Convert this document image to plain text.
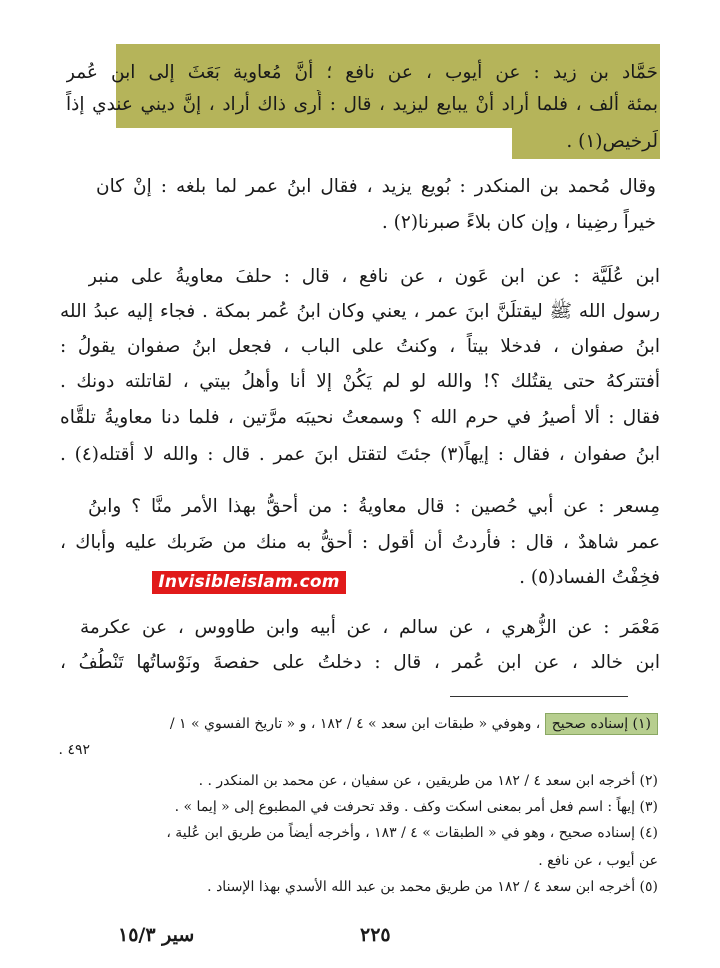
حَمَّاد بن زيد : عن أيوب ، عن نافع ؛ أنَّ مُعاوية بَعَثَ إلى ابن عُمر
بمئة ألف ، فلما أراد أنْ يبايع ليزيد ، قال : أُرى ذاك أراد ، إنَّ ديني عندي إذاً
لَرخيص(١) .
وقال مُحمد بن المنكدر : بُويع يزيد ، فقال ابنُ عمر لما بلغه : إنْ كان
خيراً رضِينا ، وإن كان بلاءً صبرنا(٢) .
ابن عُلَيَّة : عن ابن عَون ، عن نافع ، قال : حلفَ معاويةُ على منبر
رسول الله ﷺ ليقتلَنَّ ابنَ عمر ، يعني وكان ابنُ عُمر بمكة . فجاء إليه عبدُ الله
ابنُ صفوان ، فدخلا بيتاً ، وكنتُ على الباب ، فجعل ابنُ صفوان يقولُ :
أفتتركهُ حتى يقتُلك ؟! والله لو لم يَكُنْ إلا أنا وأهلُ بيتي ، لقاتلته دونك .
فقال : ألا أصيرُ في حرم الله ؟ وسمعتُ نحيبَه مرَّتين ، فلما دنا معاويةُ تلقَّاه
ابنُ صفوان ، فقال : إيهاً(٣) جئتَ لتقتل ابنَ عمر . قال : والله لا أقتله(٤) .
مِسعر : عن أبي حُصين : قال معاويةُ : من أحقُّ بهذا الأمر منَّا ؟ وابنُ
عمر شاهدٌ ، قال : فأردتُ أن أقول : أحقُّ به منك من ضَربك عليه وأباك ،
فخِفْتُ الفساد(٥) .
Invisibleislam.com
مَعْمَر : عن الزُّهري ، عن سالم ، عن أبيه وابن طاووس ، عن عكرمة
ابن خالد ، عن ابن عُمر ، قال : دخلتُ على حفصةَ ونَوْساتُها تَنْطُفُ ،
(١) إسناده صحيح ، وهوفي « طبقات ابن سعد » ٤ / ١٨٢ ، و « تاريخ الفسوي » ١ /
٤٩٢ .
(٢) أخرجه ابن سعد ٤ / ١٨٢ من طريقين ، عن سفيان ، عن محمد بن المنكدر . .
(٣) إيهاً : اسم فعل أمر بمعنى اسكت وكف . وقد تحرفت في المطبوع إلى « إيما » .
(٤) إسناده صحيح ، وهو في « الطبقات » ٤ / ١٨٣ ، وأخرجه أيضاً من طريق ابن عُلية ،
عن أيوب ، عن نافع .
(٥) أخرجه ابن سعد ٤ / ١٨٢ من طريق محمد بن عبد الله الأسدي بهذا الإسناد .
٢٢٥
سير ١٥/٣
